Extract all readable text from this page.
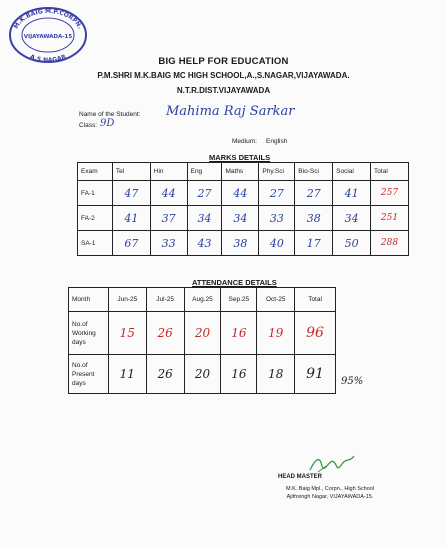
M.K.BAIG M.P.CORPN.
VIJAYAWADA-15
A.S.NAGAR	BIG HELP FOR EDUCATION
P.M.SHRI M.K.BAIG MC HIGH SCHOOL,A.,S.NAGAR,VIJAYAWADA.
N.T.R.DIST.VIJAYAWADA
Name of the Student: Mahima Raj Sarkar
Class: 9D
Medium: English
MARKS DETAILS
Exam	Tel	Hin	Eng	Maths	Phy.Sci	Bio-Sci	Social	Total
FA-1	47	44	27	44	27	27	41	257
FA-2	41	37	34	34	33	38	34	251
SA-1	67	33	43	38	40	17	50	288
ATTENDANCE DETAILS
Month	Jun-25	Jul-25	Aug.25	Sep.25	Oct-25	Total

No.of
Working
days	15	26	20	16	19	96

No.of
Present
days	11	26	20	16	18	91 95%
HEAD MASTER
M.K. Baig Mpl., Corpn., High School
Ajithsingh Nagar, VIJAYAWADA-15.
